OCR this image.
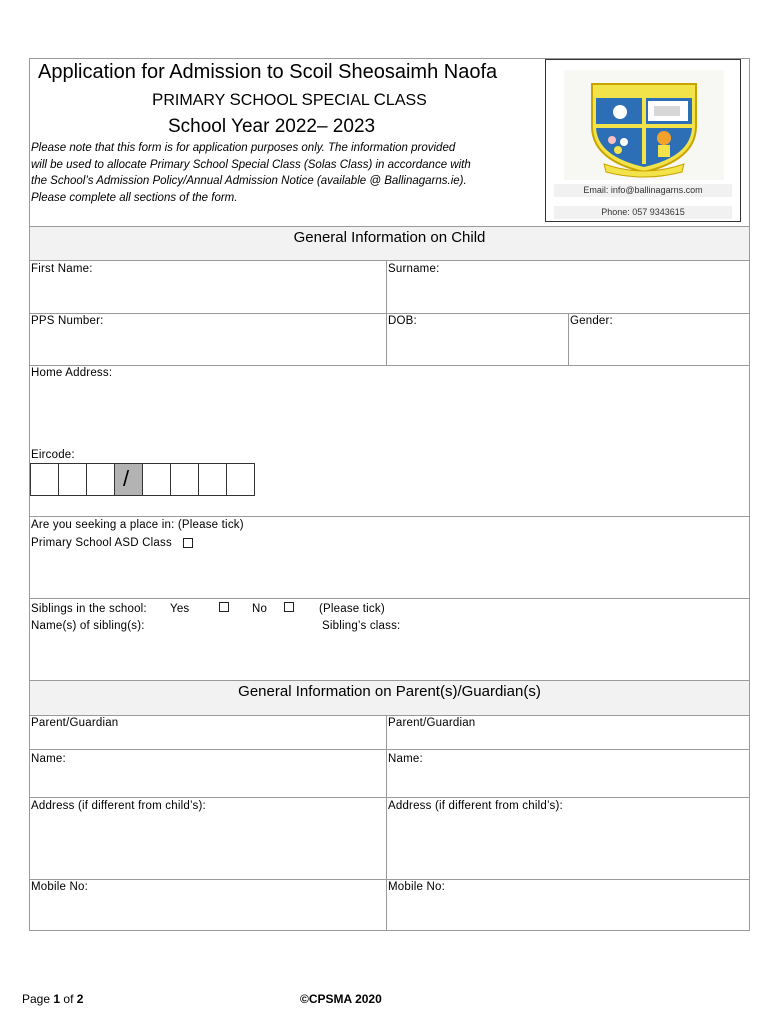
Application for Admission to Scoil Sheosaimh Naofa
PRIMARY SCHOOL SPECIAL CLASS
School Year 2022– 2023
Please note that this form is for application purposes only. The information provided
will be used to allocate Primary School Special Class (Solas Class) in accordance with
the School’s Admission Policy/Annual Admission Notice (available @ Ballinagarns.ie).
Please complete all sections of the form.
Email: info@ballinagarns.com
Phone: 057 9343615
General Information on Child
First Name:	Surname:
PPS Number:	DOB:	Gender:
Home Address:
Eircode:
/
Are you seeking a place in: (Please tick)
Primary School ASD Class
Siblings in the school: Yes	No	(Please tick)
Name(s) of sibling(s):	Sibling’s class:
General Information on Parent(s)/Guardian(s)
Parent/Guardian	Parent/Guardian
Name:	Name:
Address (if different from child’s):	Address (if different from child’s):
Mobile No:	Mobile No:
Page 1 of 2	©CPSMA 2020
